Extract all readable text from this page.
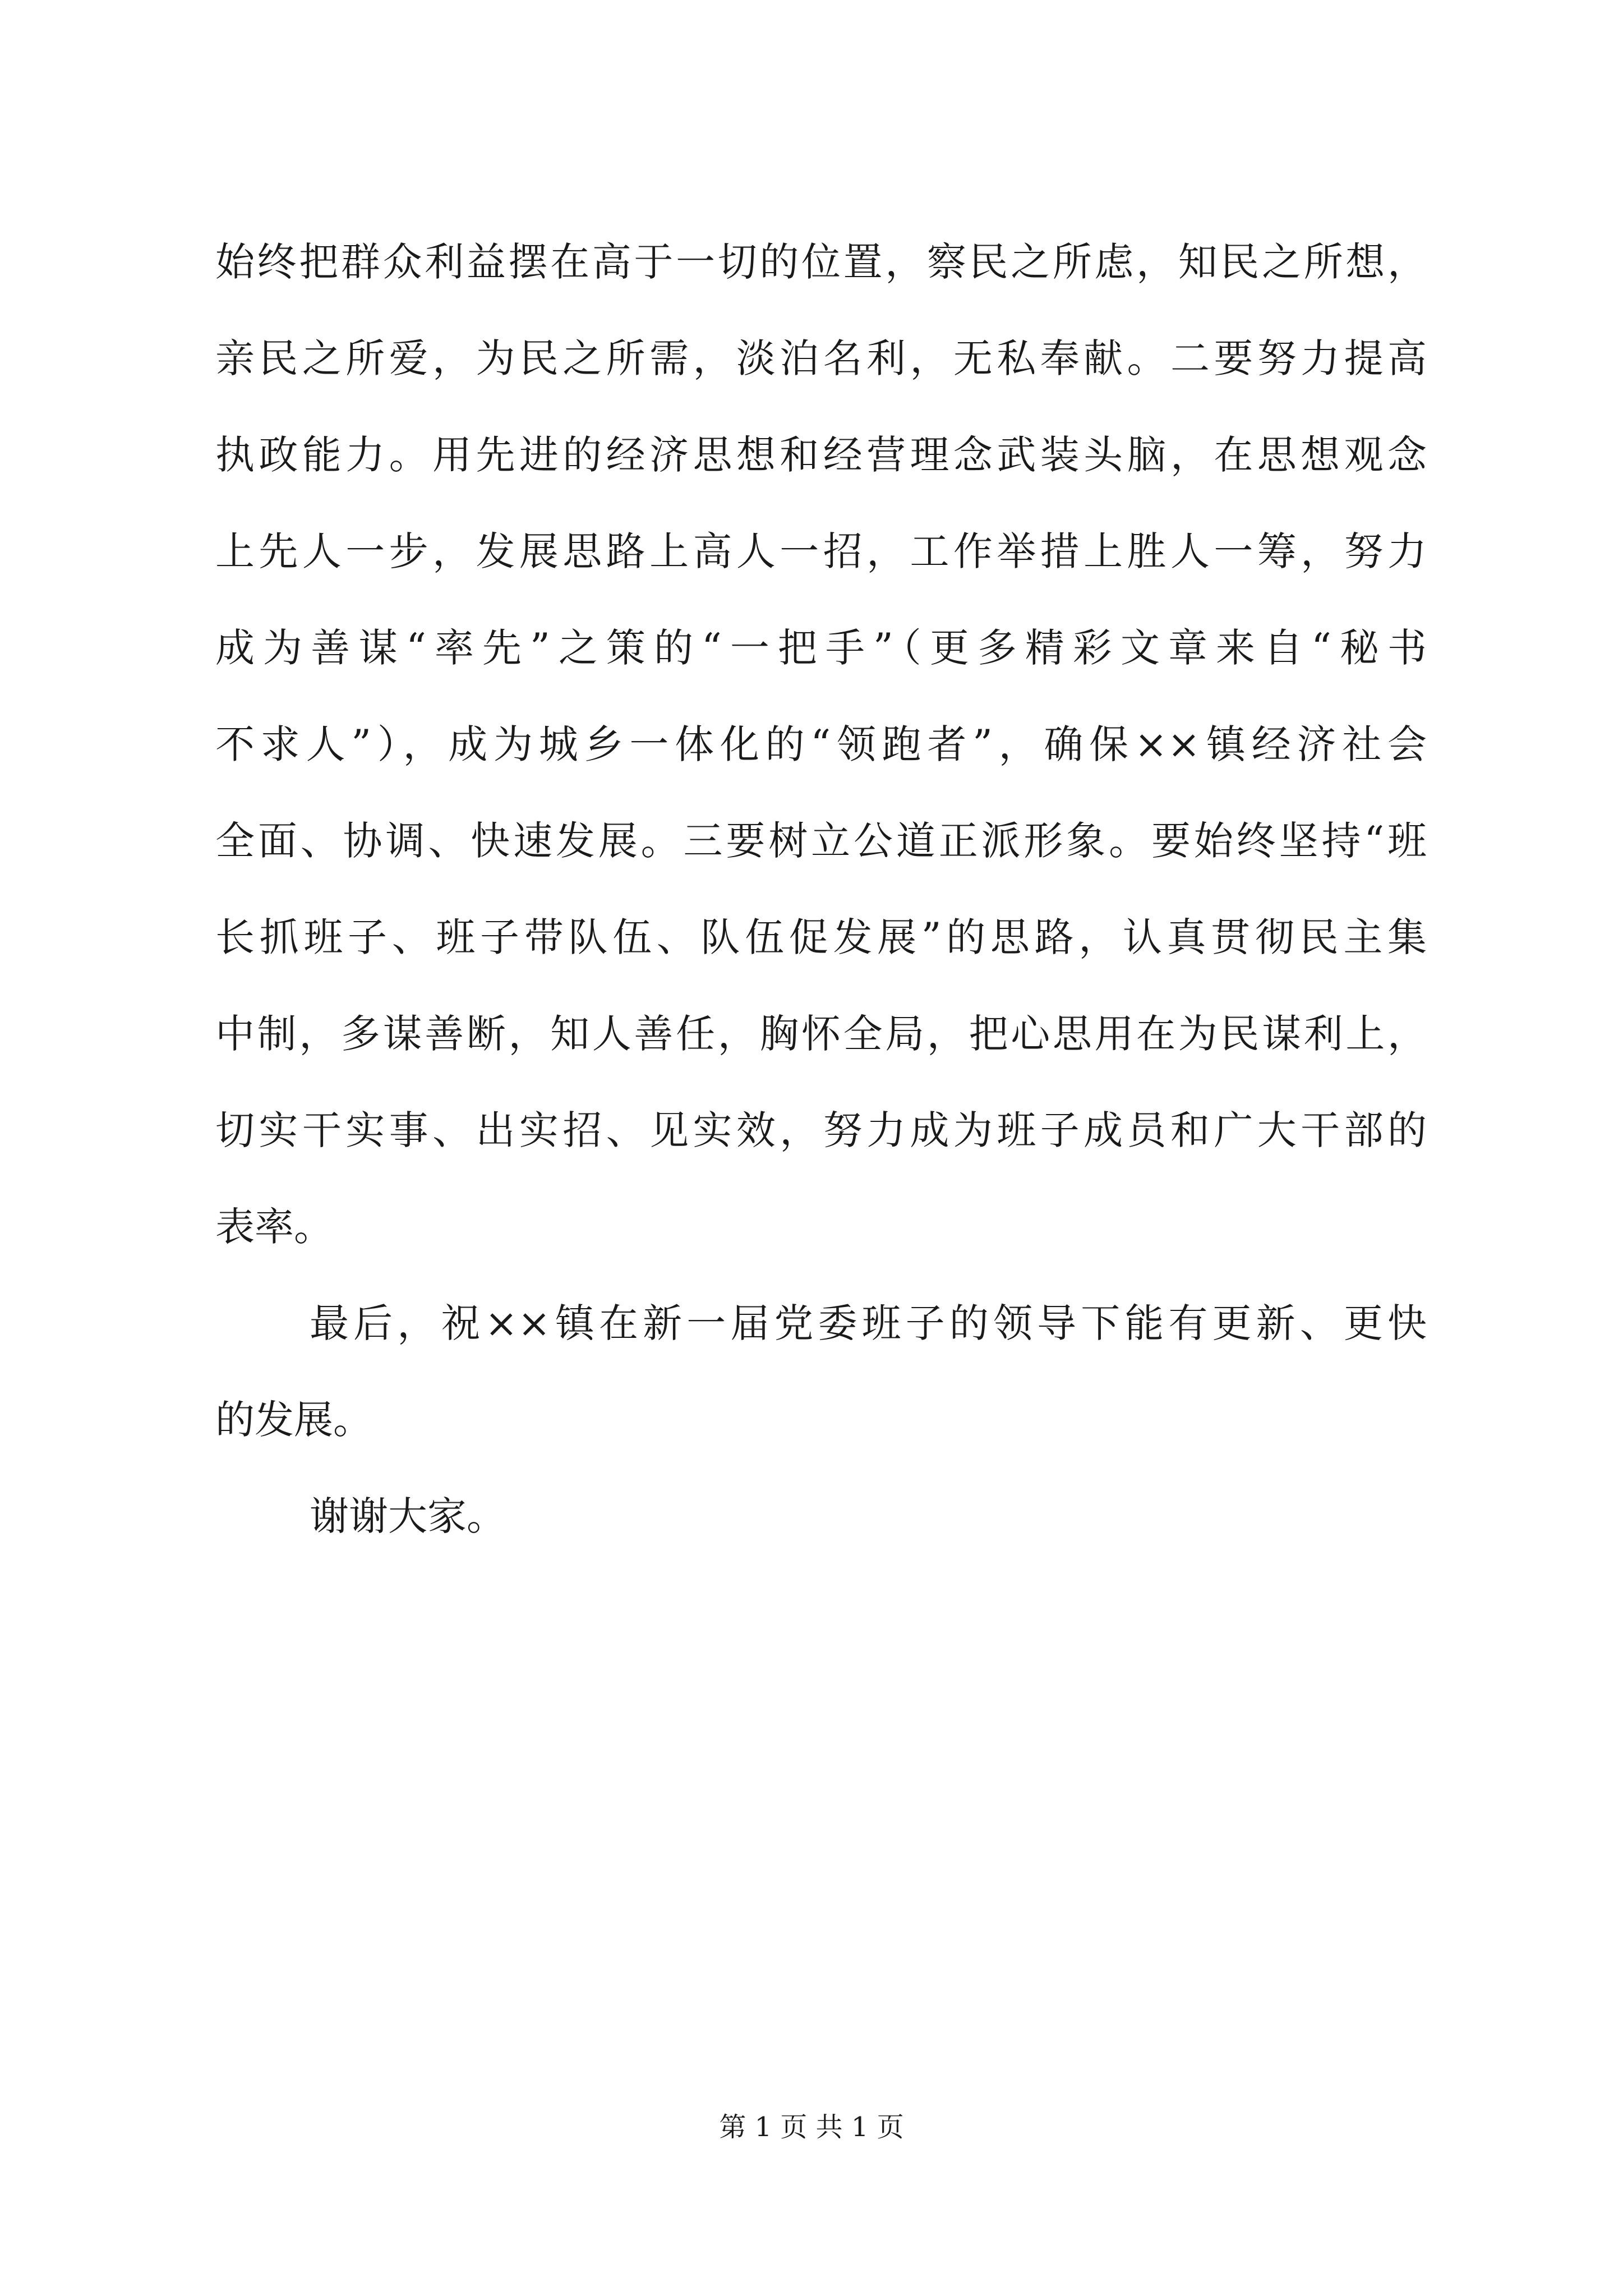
始终把群众利益摆在高于一切的位置，察民之所虑，知民之所想，
亲民之所爱，为民之所需，淡泊名利，无私奉献。二要努力提高
执政能力。用先进的经济思想和经营理念武装头脑，在思想观念
上先人一步，发展思路上高人一招，工作举措上胜人一筹，努力
成为善谋“率先”之策的“一把手”（更多精彩文章来自“秘书
不求人”），成为城乡一体化的“领跑者”，确保××镇经济社会
全面、协调、快速发展。三要树立公道正派形象。要始终坚持“班
长抓班子、班子带队伍、队伍促发展”的思路，认真贯彻民主集
中制，多谋善断，知人善任，胸怀全局，把心思用在为民谋利上，
切实干实事、出实招、见实效，努力成为班子成员和广大干部的
表率。
最后，祝××镇在新一届党委班子的领导下能有更新、更快
的发展。
谢谢大家。
第 1 页 共 1 页
